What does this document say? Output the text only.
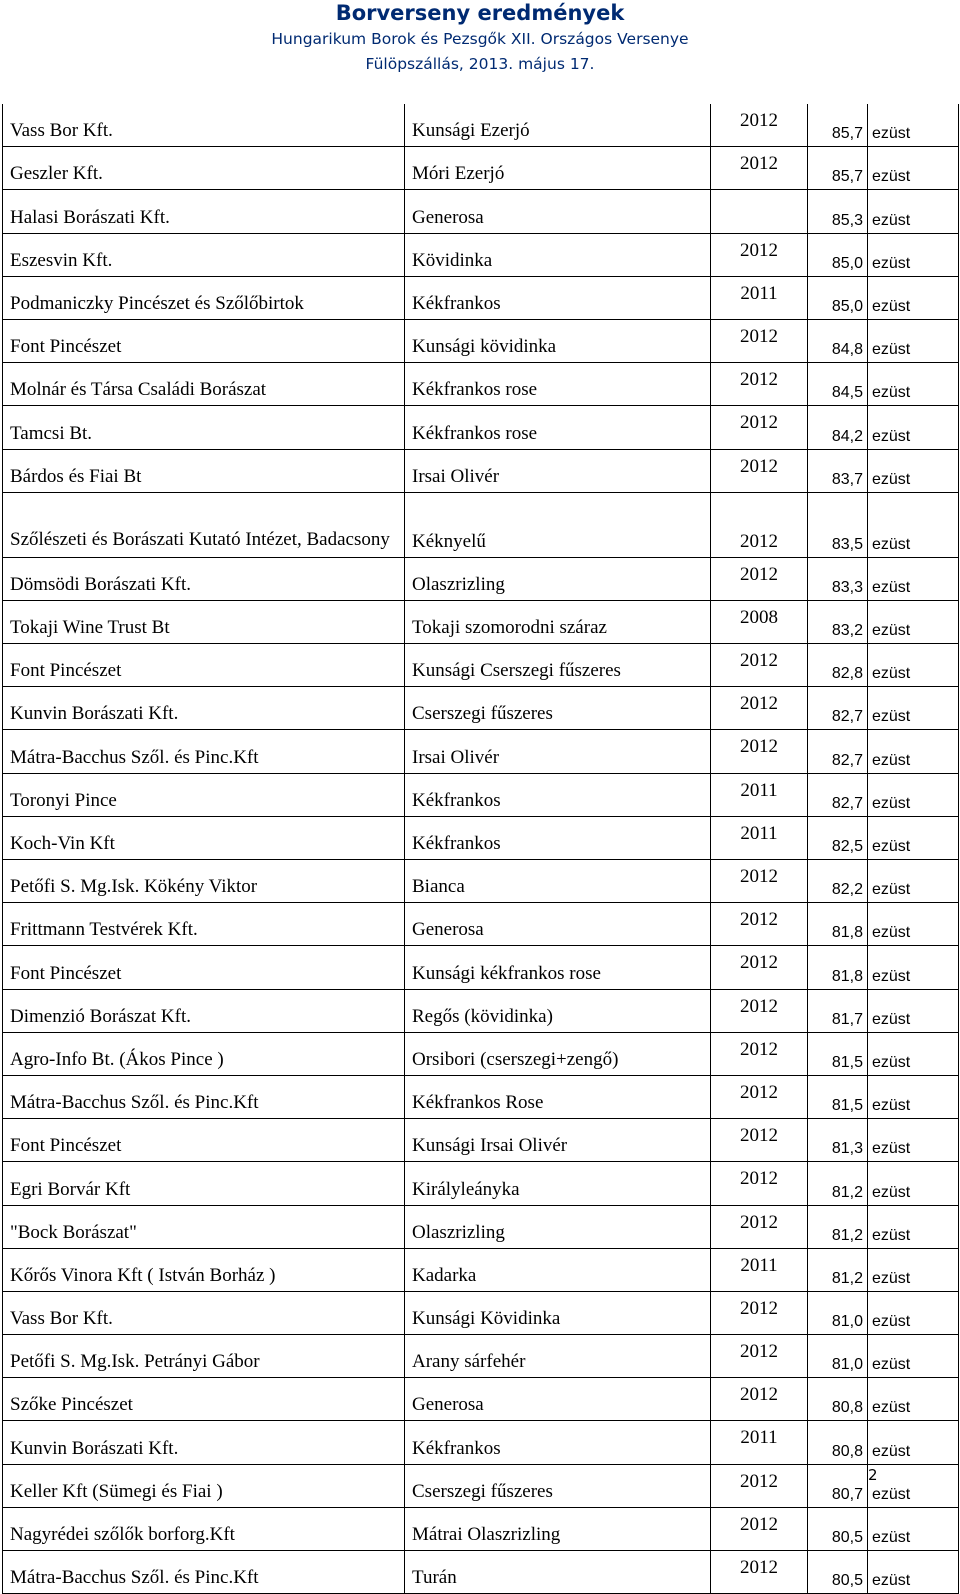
Borverseny eredmények
Hungarikum Borok és Pezsgők XII. Országos Versenye
Fülöpszállás, 2013. május 17.
Vass Bor Kft.	Kunsági Ezerjó	2012	85,7	ezüst
Geszler Kft.	Móri Ezerjó	2012	85,7	ezüst
Halasi Borászati Kft.	Generosa		85,3	ezüst
Eszesvin Kft.	Kövidinka	2012	85,0	ezüst
Podmaniczky Pincészet és Szőlőbirtok	Kékfrankos	2011	85,0	ezüst
Font Pincészet	Kunsági kövidinka	2012	84,8	ezüst
Molnár és Társa Családi Borászat	Kékfrankos rose	2012	84,5	ezüst
Tamcsi Bt.	Kékfrankos rose	2012	84,2	ezüst
Bárdos és Fiai Bt	Irsai Olivér	2012	83,7	ezüst
Szőlészeti és Borászati Kutató Intézet, Badacsony	Kéknyelű	2012	83,5	ezüst
Dömsödi Borászati Kft.	Olaszrizling	2012	83,3	ezüst
Tokaji Wine Trust Bt	Tokaji szomorodni száraz	2008	83,2	ezüst
Font Pincészet	Kunsági Cserszegi fűszeres	2012	82,8	ezüst
Kunvin Borászati Kft.	Cserszegi fűszeres	2012	82,7	ezüst
Mátra-Bacchus Szől. és Pinc.Kft	Irsai Olivér	2012	82,7	ezüst
Toronyi Pince	Kékfrankos	2011	82,7	ezüst
Koch-Vin Kft	Kékfrankos	2011	82,5	ezüst
Petőfi S. Mg.Isk. Kökény Viktor	Bianca	2012	82,2	ezüst
Frittmann Testvérek Kft.	Generosa	2012	81,8	ezüst
Font Pincészet	Kunsági kékfrankos rose	2012	81,8	ezüst
Dimenzió Borászat Kft.	Regős (kövidinka)	2012	81,7	ezüst
Agro-Info Bt. (Ákos Pince )	Orsibori (cserszegi+zengő)	2012	81,5	ezüst
Mátra-Bacchus Szől. és Pinc.Kft	Kékfrankos Rose	2012	81,5	ezüst
Font Pincészet	Kunsági Irsai Olivér	2012	81,3	ezüst
Egri Borvár Kft	Királyleányka	2012	81,2	ezüst
"Bock Borászat"	Olaszrizling	2012	81,2	ezüst
Kőrős Vinora Kft ( István Borház )	Kadarka	2011	81,2	ezüst
Vass Bor Kft.	Kunsági Kövidinka	2012	81,0	ezüst
Petőfi S. Mg.Isk. Petrányi Gábor	Arany sárfehér	2012	81,0	ezüst
Szőke Pincészet	Generosa	2012	80,8	ezüst
Kunvin Borászati Kft.	Kékfrankos	2011	80,8	ezüst
Keller Kft (Sümegi és Fiai )	Cserszegi fűszeres	2012	80,7	ezüst
Nagyrédei szőlők borforg.Kft	Mátrai Olaszrizling	2012	80,5	ezüst
Mátra-Bacchus Szől. és Pinc.Kft	Turán	2012	80,5	ezüst
2
